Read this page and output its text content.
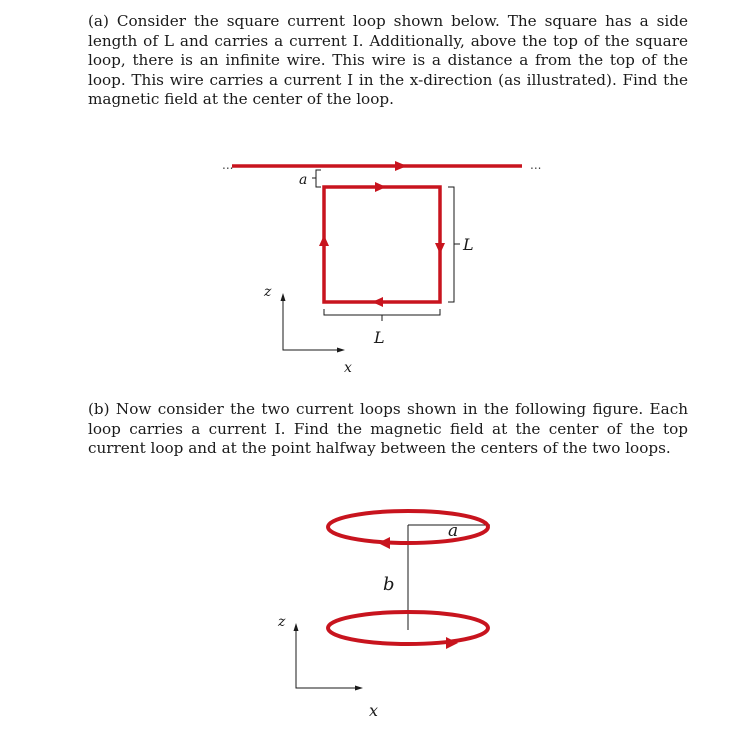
(a) Consider the square current loop shown below. The square has a side length of L and carries a current I. Additionally, above the top of the square loop, there is an infinite wire. This wire is a distance a from the top of the loop. This wire carries a current I in the x-direction (as illustrated). Find the magnetic field at the center of the loop.

...	...
a
L
L
z
x

(b) Now consider the two current loops shown in the following figure. Each loop carries a current I. Find the magnetic field at the center of the top current loop and at the point halfway between the centers of the two loops.

a
b
z
x
